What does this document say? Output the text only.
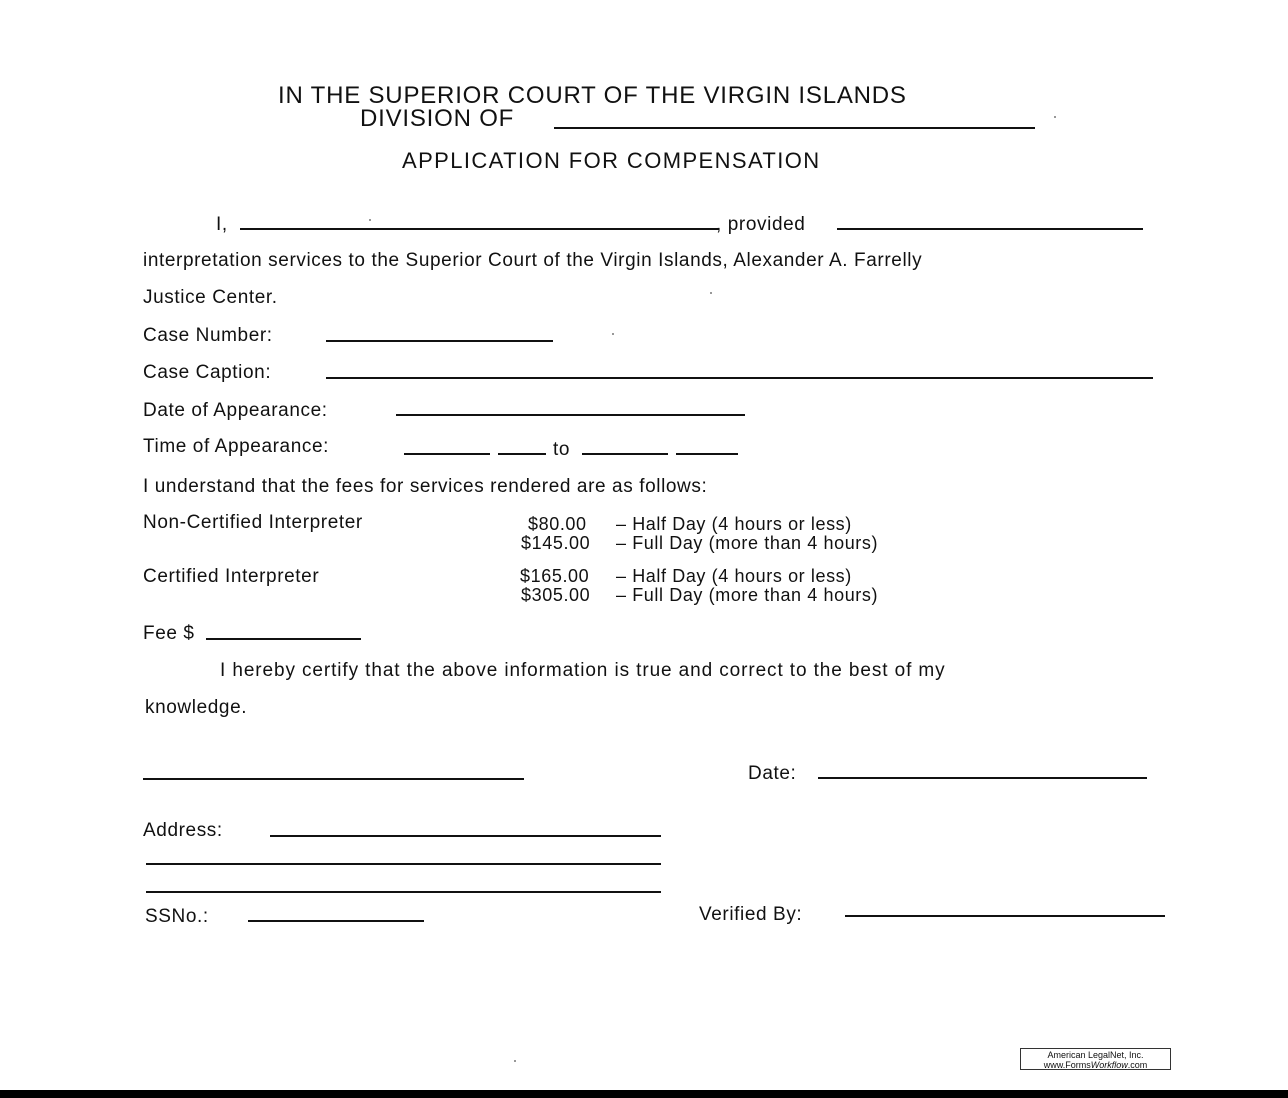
IN THE SUPERIOR COURT OF THE VIRGIN ISLANDS
DIVISION OF
APPLICATION FOR COMPENSATION
I,	, provided
interpretation services to the Superior Court of the Virgin Islands, Alexander A. Farrelly
Justice Center.
Case Number:
Case Caption:
Date of Appearance:
Time of Appearance:	to
I understand that the fees for services rendered are as follows:
Non-Certified Interpreter	$80.00 – Half Day (4 hours or less)
$145.00 – Full Day (more than 4 hours)
Certified Interpreter	$165.00 – Half Day (4 hours or less)
$305.00 – Full Day (more than 4 hours)
Fee $
I hereby certify that the above information is true and correct to the best of my
knowledge.
Date:
Address:
SSNo.:	Verified By:
American LegalNet, Inc.
www.FormsWorkflow.com
